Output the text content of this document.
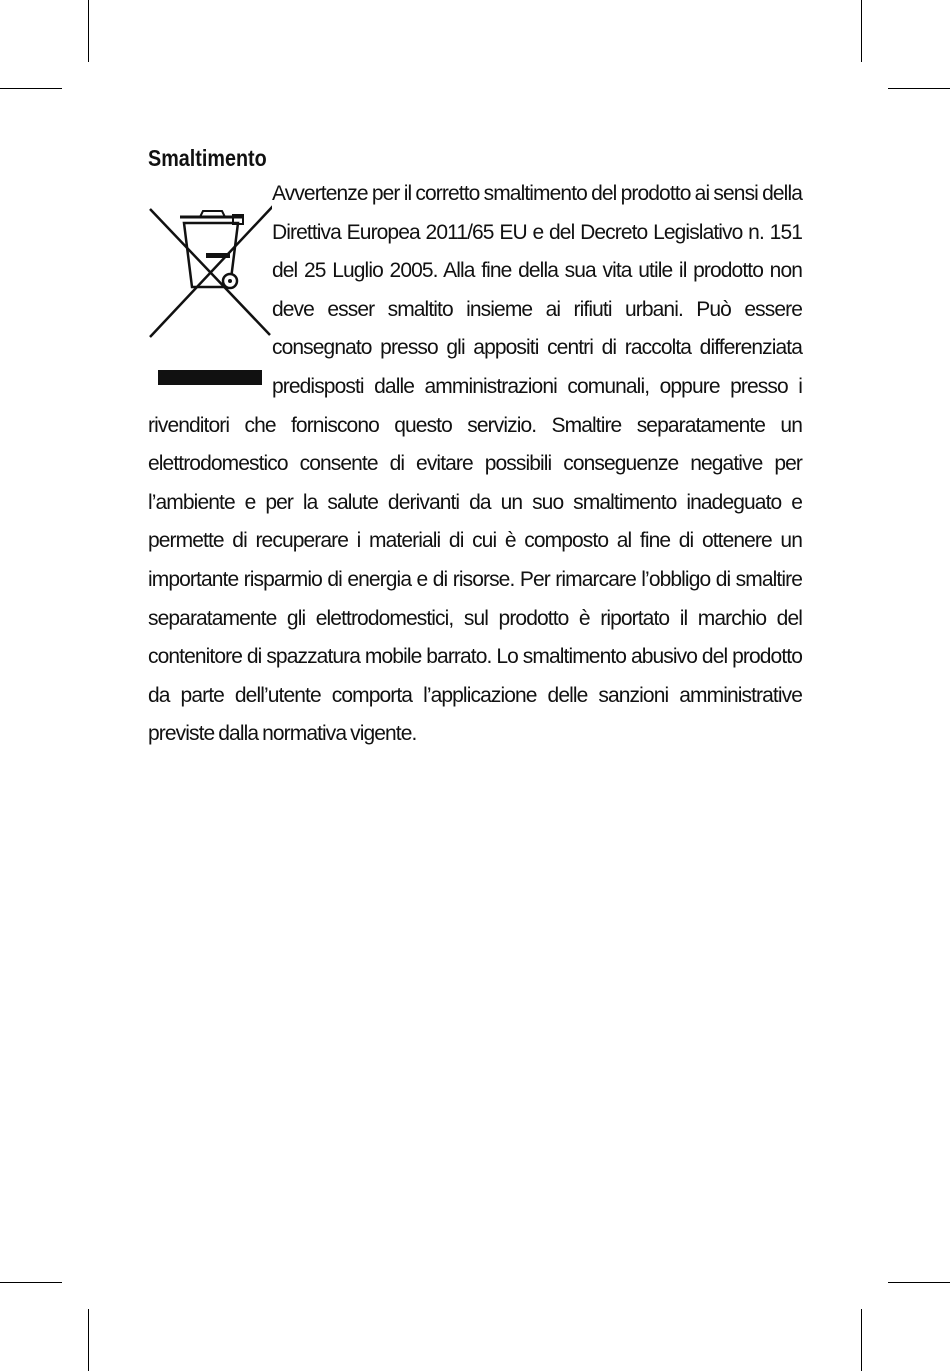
Smaltimento

Avvertenze per il corretto smaltimento del prodotto ai sensi della Direttiva Europea 2011/65 EU e del Decreto Legislativo n. 151 del 25 Luglio 2005. Alla fine della sua vita utile il prodotto non deve esser smaltito insieme ai rifiuti urbani. Può essere consegnato presso gli appositi centri di raccolta differenziata predisposti dalle amministrazioni comunali, oppure presso i rivenditori che forniscono questo servizio. Smaltire separatamente un elettrodomestico consente di evitare possibili conseguenze negative per l’ambiente e per la salute derivanti da un suo smaltimento inadeguato e permette di recuperare i materiali di cui è composto al fine di ottenere un importante risparmio di energia e di risorse. Per rimarcare l’obbligo di smaltire separatamente gli elettrodomestici, sul prodotto è riportato il marchio del contenitore di spazzatura mobile barrato. Lo smaltimento abusivo del prodotto da parte dell’utente comporta l’applicazione delle sanzioni amministrative previste dalla normativa vigente.
